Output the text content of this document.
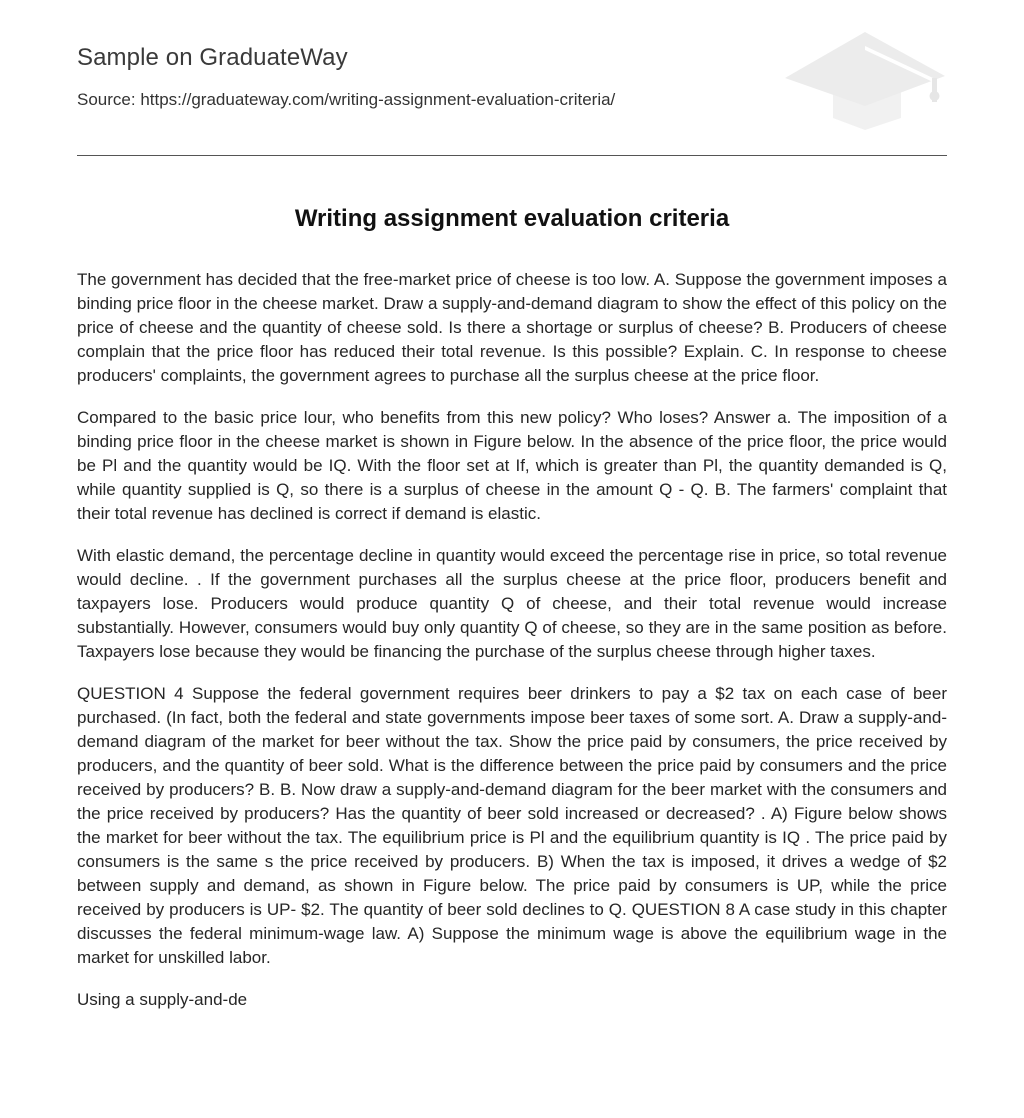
Sample on GraduateWay
Source: https://graduateway.com/writing-assignment-evaluation-criteria/
Writing assignment evaluation criteria

The government has decided that the free-market price of cheese is too low. A. Suppose the government imposes a binding price floor in the cheese market. Draw a supply-and-demand diagram to show the effect of this policy on the price of cheese and the quantity of cheese sold. Is there a shortage or surplus of cheese? B. Producers of cheese complain that the price floor has reduced their total revenue. Is this possible? Explain. C. In response to cheese producers' complaints, the government agrees to purchase all the surplus cheese at the price floor.

Compared to the basic price lour, who benefits from this new policy? Who loses? Answer a. The imposition of a binding price floor in the cheese market is shown in Figure below. In the absence of the price floor, the price would be Pl and the quantity would be IQ. With the floor set at If, which is greater than Pl, the quantity demanded is Q, while quantity supplied is Q, so there is a surplus of cheese in the amount Q - Q. B. The farmers' complaint that their total revenue has declined is correct if demand is elastic.

With elastic demand, the percentage decline in quantity would exceed the percentage rise in price, so total revenue would decline. . If the government purchases all the surplus cheese at the price floor, producers benefit and taxpayers lose. Producers would produce quantity Q of cheese, and their total revenue would increase substantially. However, consumers would buy only quantity Q of cheese, so they are in the same position as before. Taxpayers lose because they would be financing the purchase of the surplus cheese through higher taxes.

QUESTION 4 Suppose the federal government requires beer drinkers to pay a $2 tax on each case of beer purchased. (In fact, both the federal and state governments impose beer taxes of some sort. A. Draw a supply-and-demand diagram of the market for beer without the tax. Show the price paid by consumers, the price received by producers, and the quantity of beer sold. What is the difference between the price paid by consumers and the price received by producers? B. B. Now draw a supply-and-demand diagram for the beer market with the consumers and the price received by producers? Has the quantity of beer sold increased or decreased? . A) Figure below shows the market for beer without the tax. The equilibrium price is Pl and the equilibrium quantity is IQ . The price paid by consumers is the same s the price received by producers. B) When the tax is imposed, it drives a wedge of $2 between supply and demand, as shown in Figure below. The price paid by consumers is UP, while the price received by producers is UP- $2. The quantity of beer sold declines to Q. QUESTION 8 A case study in this chapter discusses the federal minimum-wage law. A) Suppose the minimum wage is above the equilibrium wage in the market for unskilled labor.

Using a supply-and-de
